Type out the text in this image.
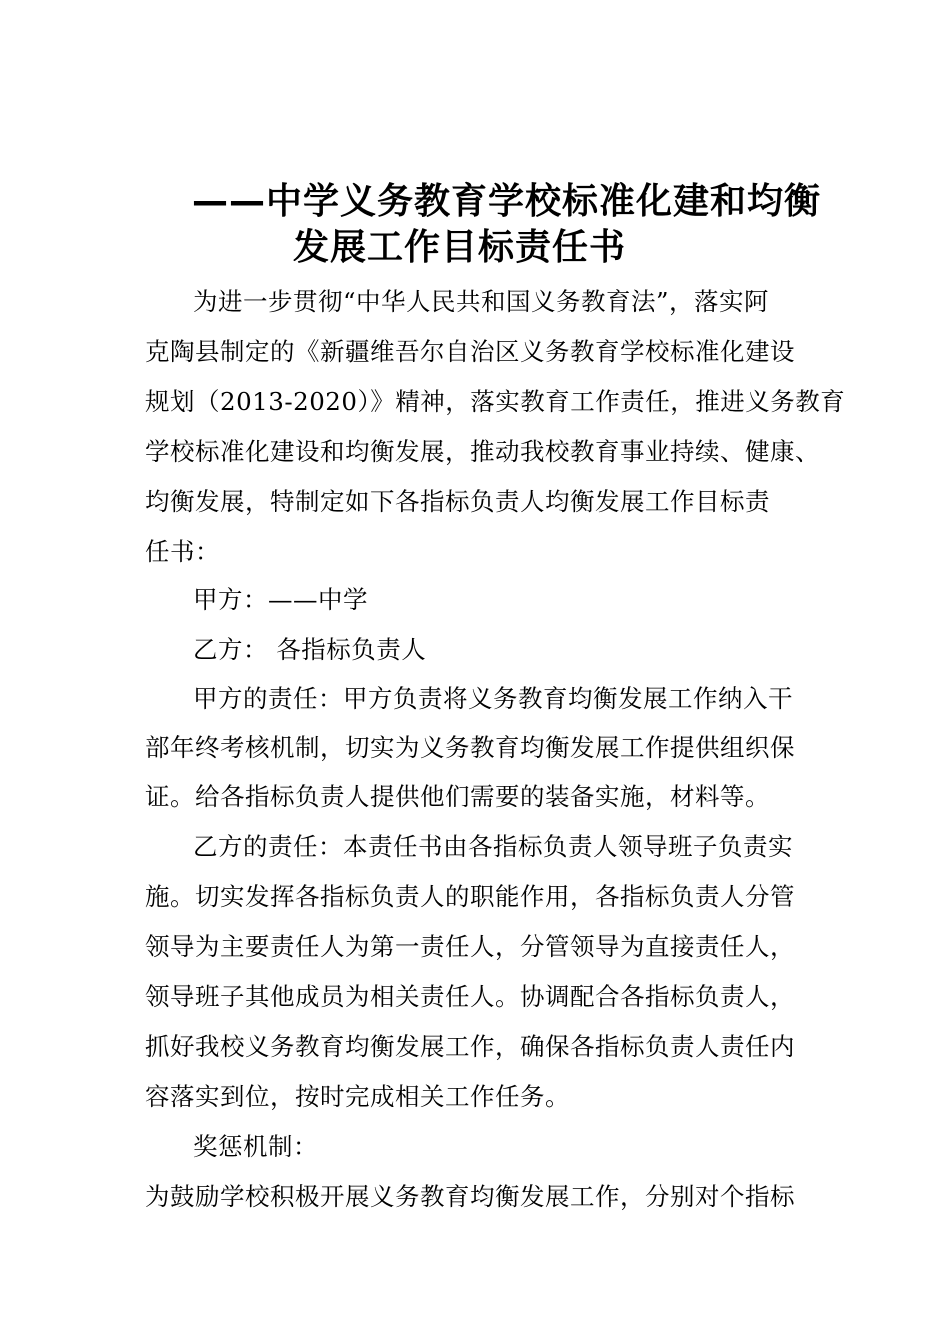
——中学义务教育学校标准化建和均衡
发展工作目标责任书
为进一步贯彻“中华人民共和国义务教育法”，落实阿
克陶县制定的《新疆维吾尔自治区义务教育学校标准化建设
规划（2013-2020）》精神，落实教育工作责任，推进义务教育
学校标准化建设和均衡发展，推动我校教育事业持续、健康、
均衡发展，特制定如下各指标负责人均衡发展工作目标责
任书：
甲方：——中学
乙方： 各指标负责人
甲方的责任：甲方负责将义务教育均衡发展工作纳入干
部年终考核机制，切实为义务教育均衡发展工作提供组织保
证。给各指标负责人提供他们需要的装备实施，材料等。
乙方的责任：本责任书由各指标负责人领导班子负责实
施。切实发挥各指标负责人的职能作用，各指标负责人分管
领导为主要责任人为第一责任人，分管领导为直接责任人，
领导班子其他成员为相关责任人。协调配合各指标负责人，
抓好我校义务教育均衡发展工作，确保各指标负责人责任内
容落实到位，按时完成相关工作任务。
奖惩机制：
为鼓励学校积极开展义务教育均衡发展工作，分别对个指标
